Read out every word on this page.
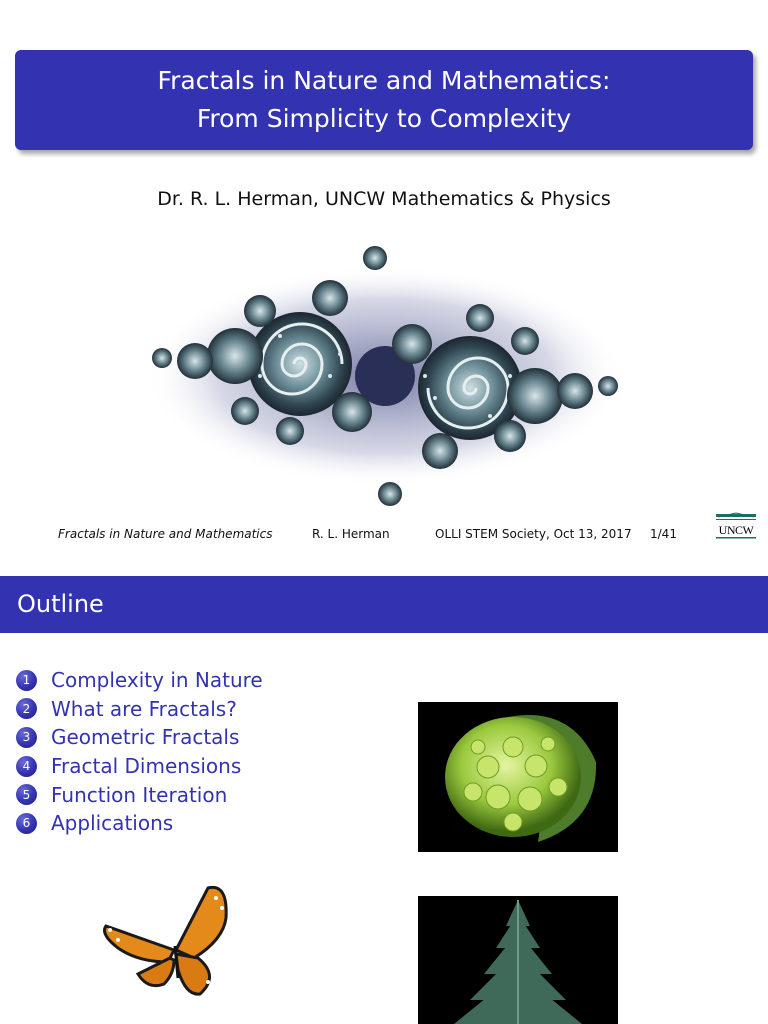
Fractals in Nature and Mathematics:
From Simplicity to Complexity
Dr. R. L. Herman, UNCW Mathematics & Physics
Fractals in Nature and Mathematics	R. L. Herman	OLLI STEM Society, Oct 13, 2017 1/41	UNCW
Outline
1	Complexity in Nature
2	What are Fractals?
3	Geometric Fractals
4	Fractal Dimensions
5	Function Iteration
6	Applications
